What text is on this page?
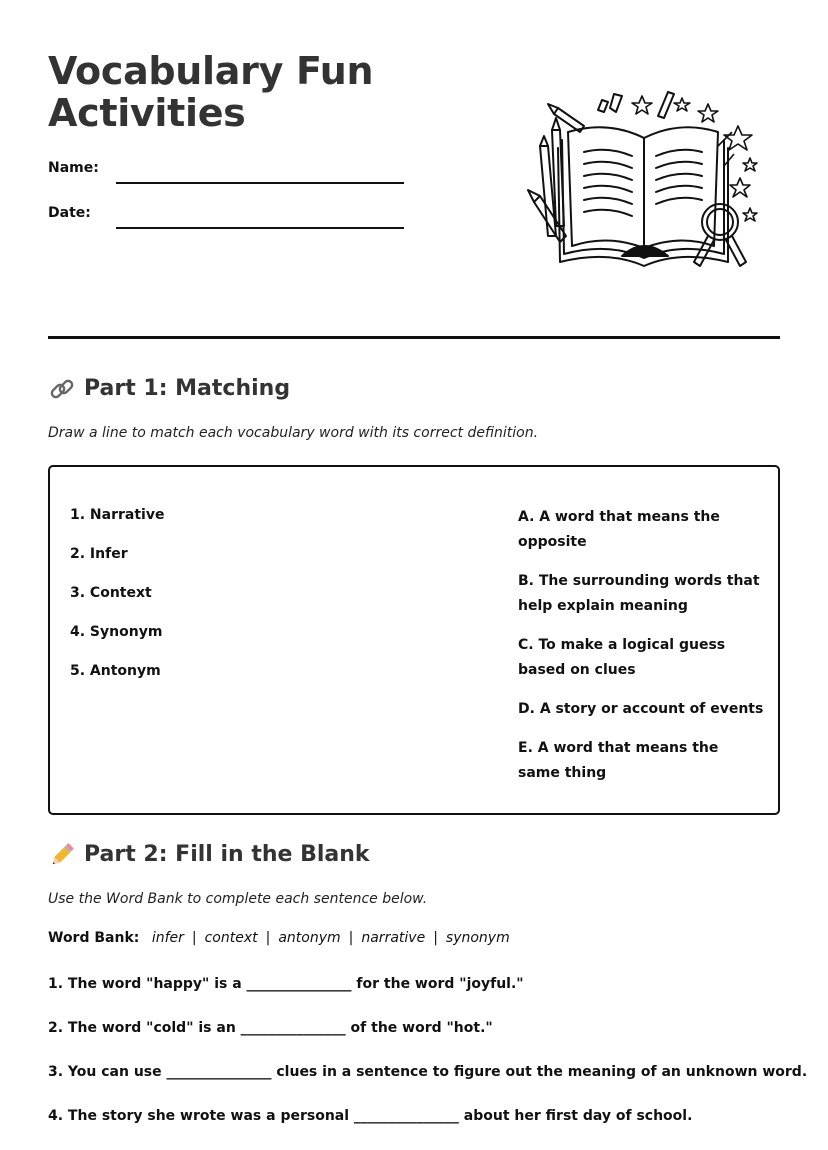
Vocabulary Fun
Activities
Name:
Date:
Part 1: Matching
Draw a line to match each vocabulary word with its correct definition.
1. Narrative
2. Infer
3. Context
4. Synonym
5. Antonym
A. A word that means the opposite
B. The surrounding words that help explain meaning
C. To make a logical guess based on clues
D. A story or account of events
E. A word that means the same thing
Part 2: Fill in the Blank
Use the Word Bank to complete each sentence below.
Word Bank: infer | context | antonym | narrative | synonym
1. The word "happy" is a _______________ for the word "joyful."
2. The word "cold" is an _______________ of the word "hot."
3. You can use _______________ clues in a sentence to figure out the meaning of an unknown word.
4. The story she wrote was a personal _______________ about her first day of school.
